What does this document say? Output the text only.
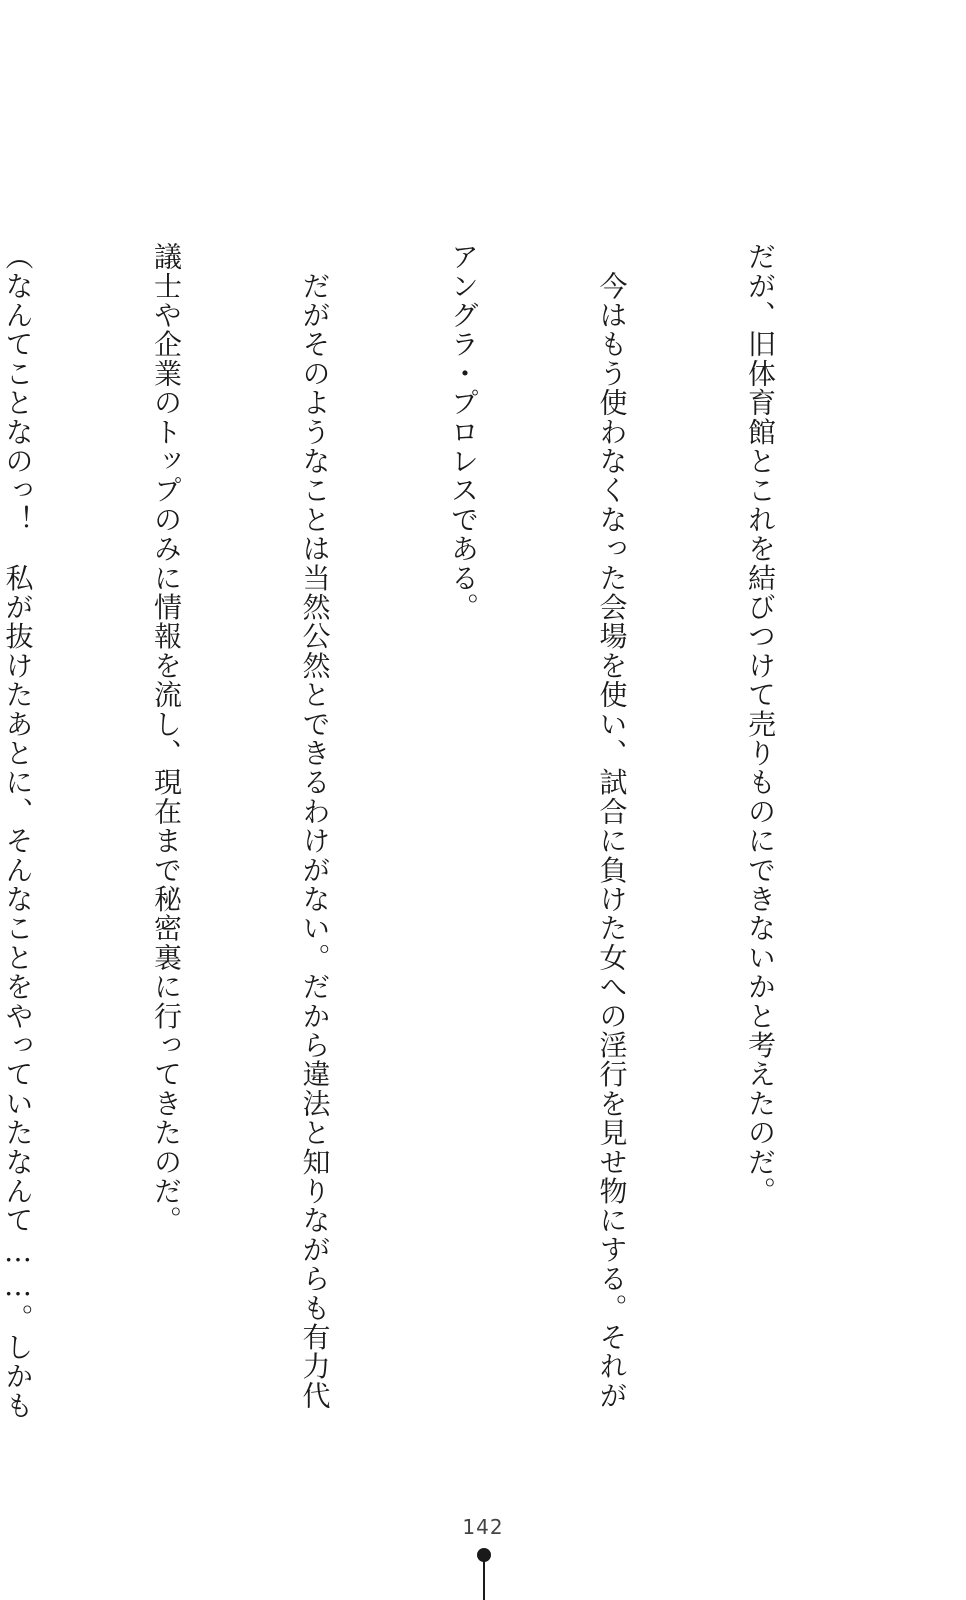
だが、旧体育館とこれを結びつけて売りものにできないかと考えたのだ。

　今はもう使わなくなった会場を使い、試合に負けた女への淫行を見せ物にする。それが

アングラ・プロレスである。

　だがそのようなことは当然公然とできるわけがない。だから違法と知りながらも有力代

議士や企業のトップのみに情報を流し、現在まで秘密裏に行ってきたのだ。

（なんてことなのっ！　私が抜けたあとに、そんなことをやっていたなんて……。しかも

142
